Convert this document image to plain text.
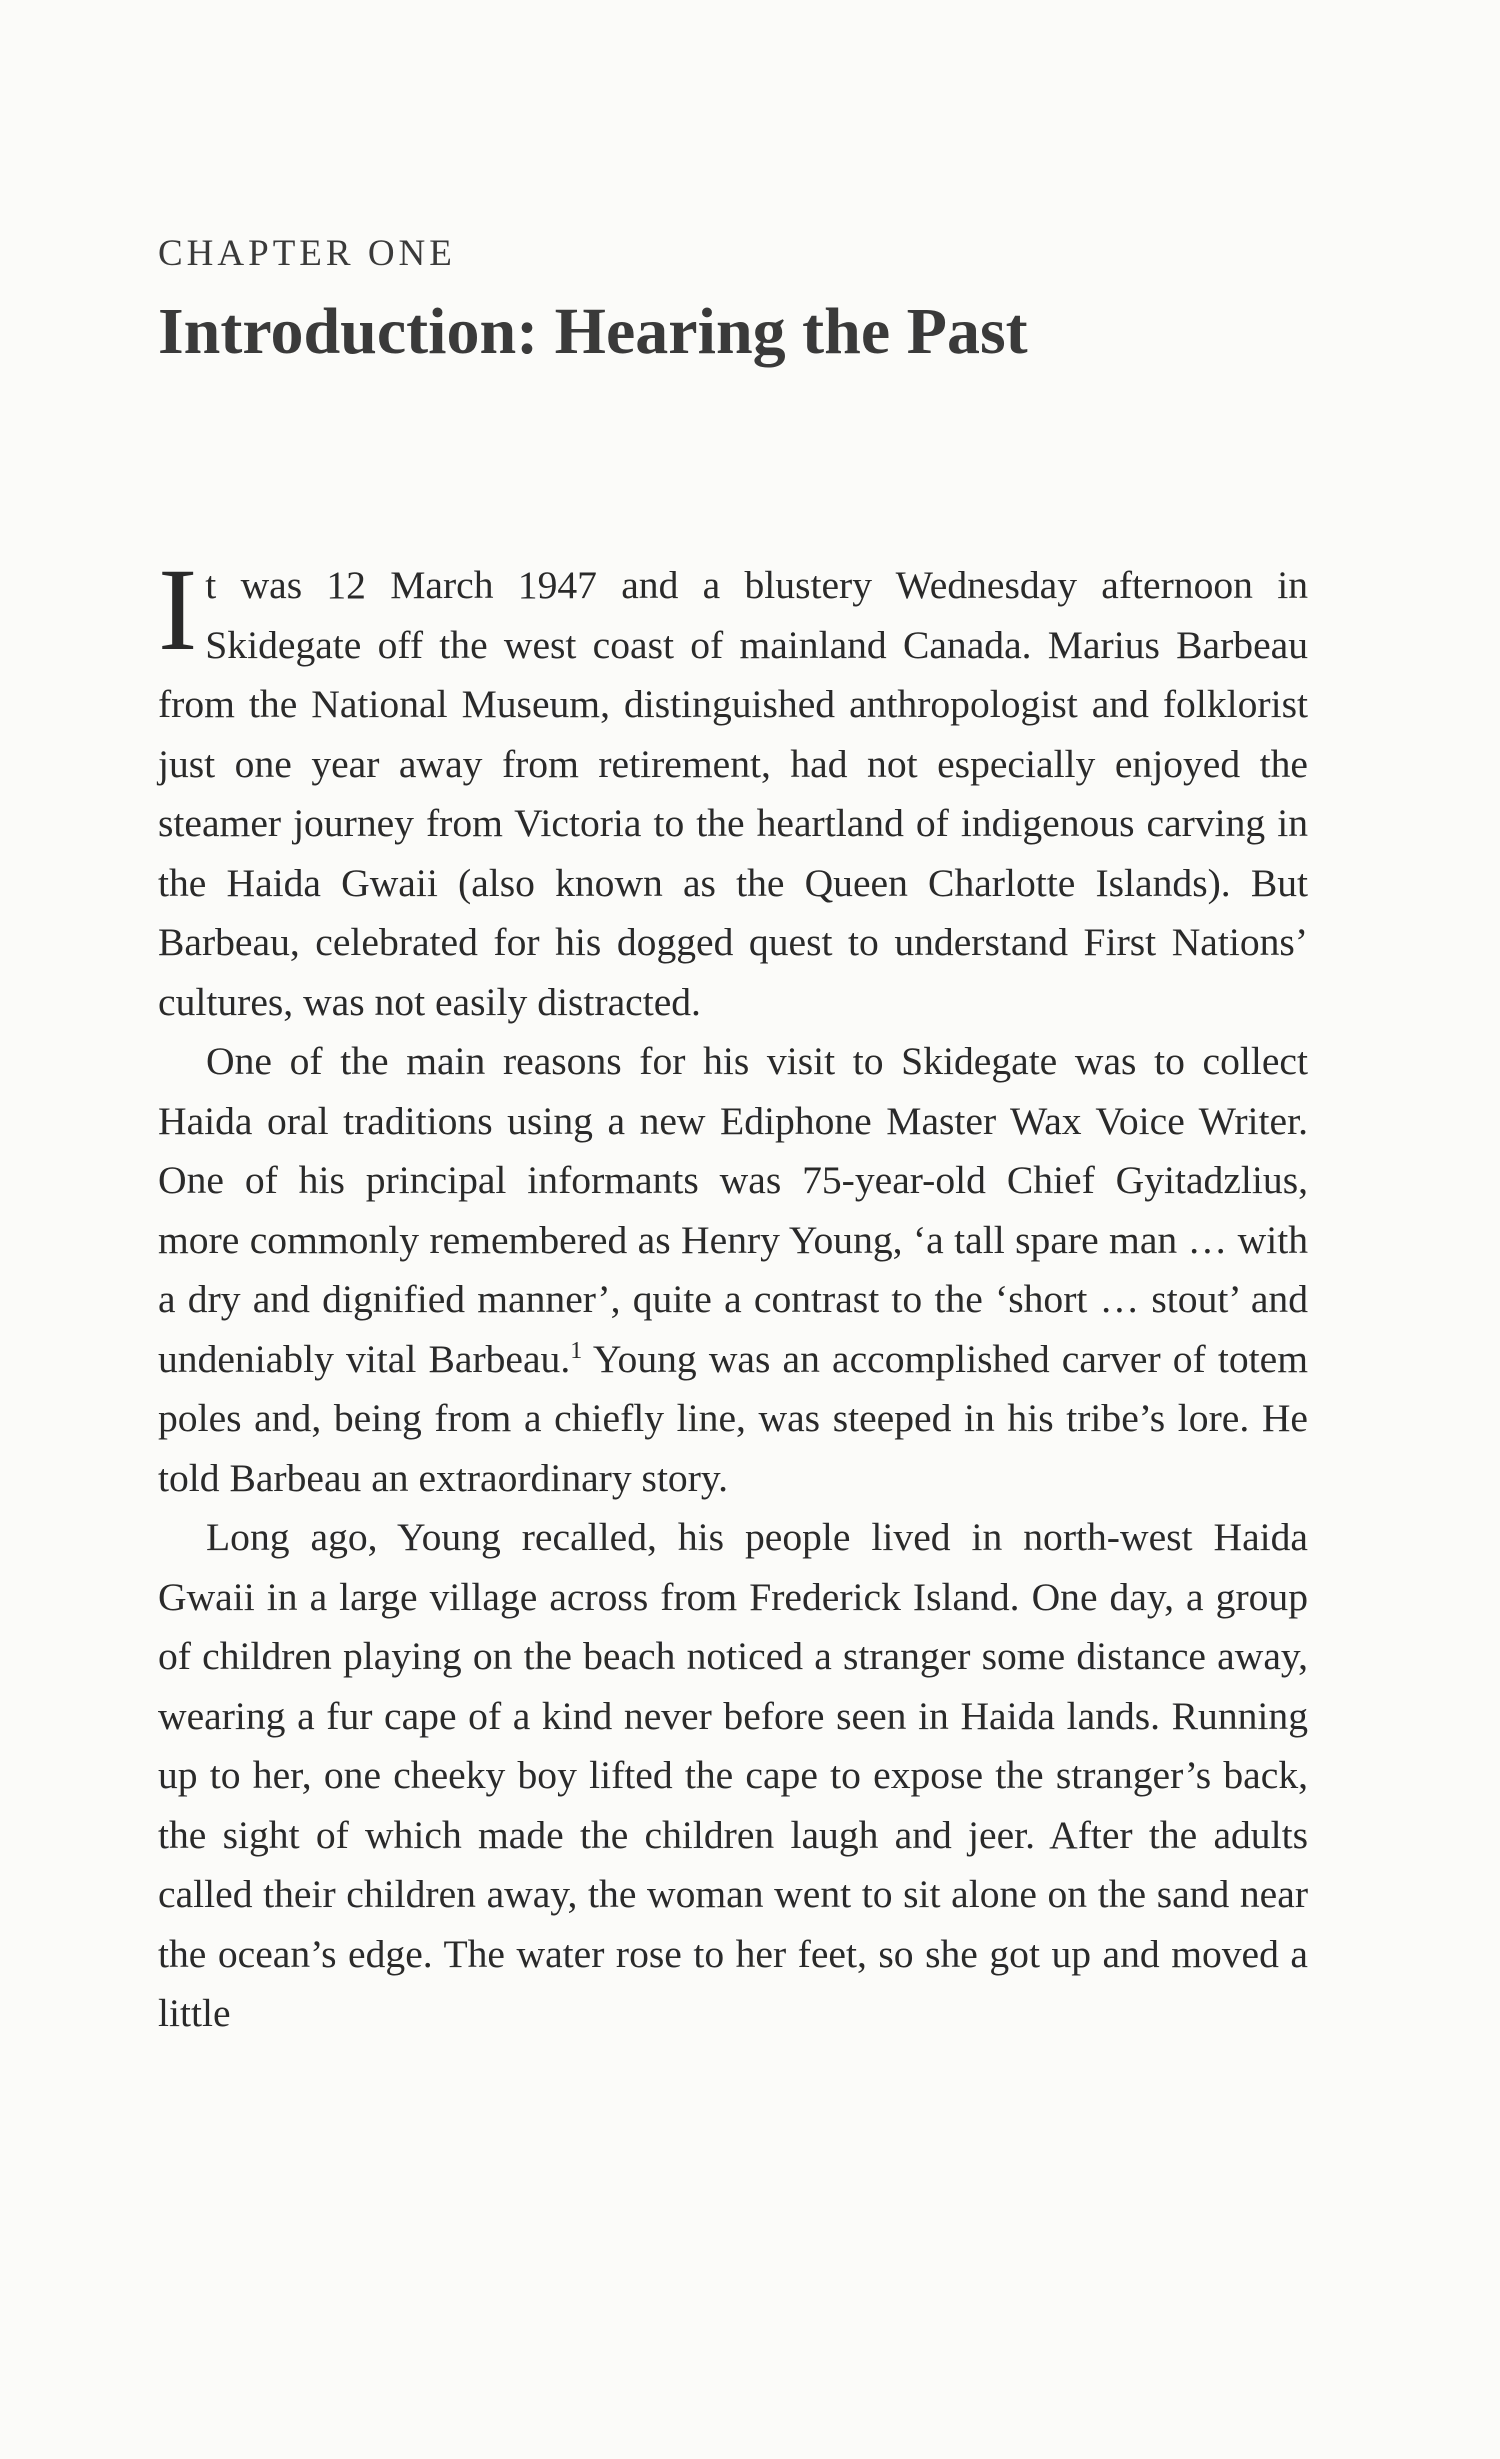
CHAPTER ONE
Introduction: Hearing the Past

It was 12 March 1947 and a blustery Wednesday afternoon in Skidegate off the west coast of mainland Canada. Marius Barbeau from the National Museum, distinguished anthropologist and folklorist just one year away from retirement, had not especially enjoyed the steamer journey from Victoria to the heartland of indigenous carving in the Haida Gwaii (also known as the Queen Charlotte Islands). But Barbeau, celebrated for his dogged quest to understand First Nations’ cultures, was not easily distracted.

One of the main reasons for his visit to Skidegate was to collect Haida oral traditions using a new Ediphone Master Wax Voice Writer. One of his principal informants was 75-year-old Chief Gyitadzlius, more commonly remembered as Henry Young, ‘a tall spare man … with a dry and dignified manner’, quite a contrast to the ‘short … stout’ and undeniably vital Barbeau.$^1$ Young was an accomplished carver of totem poles and, being from a chiefly line, was steeped in his tribe’s lore. He told Barbeau an extraordinary story.

Long ago, Young recalled, his people lived in north-west Haida Gwaii in a large village across from Frederick Island. One day, a group of children playing on the beach noticed a stranger some distance away, wearing a fur cape of a kind never before seen in Haida lands. Running up to her, one cheeky boy lifted the cape to expose the stranger’s back, the sight of which made the children laugh and jeer. After the adults called their children away, the woman went to sit alone on the sand near the ocean’s edge. The water rose to her feet, so she got up and moved a little
